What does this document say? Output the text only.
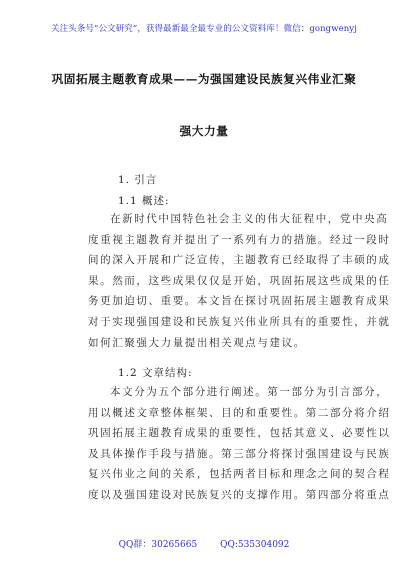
关注头条号“公文研究”，获得最新最全最专业的公文资料库！微信：gongwenyj
巩固拓展主题教育成果——为强国建设民族复兴伟业汇聚
强大力量
1. 引言
1.1 概述:
在新时代中国特色社会主义的伟大征程中，党中央高
度重视主题教育并提出了一系列有力的措施。经过一段时
间的深入开展和广泛宣传，主题教育已经取得了丰硕的成
果。然而，这些成果仅仅是开始，巩固拓展这些成果的任
务更加迫切、重要。本文旨在探讨巩固拓展主题教育成果
对于实现强国建设和民族复兴伟业所具有的重要性，并就
如何汇聚强大力量提出相关观点与建议。
1.2 文章结构:
本文分为五个部分进行阐述。第一部分为引言部分，
用以概述文章整体框架、目的和重要性。第二部分将介绍
巩固拓展主题教育成果的重要性，包括其意义、必要性以
及具体操作手段与措施。第三部分将探讨强国建设与民族
复兴伟业之间的关系，包括两者目标和理念之间的契合程
度以及强国建设对民族复兴的支撑作用。第四部分将重点
QQ群：30265665	QQ:535304092
